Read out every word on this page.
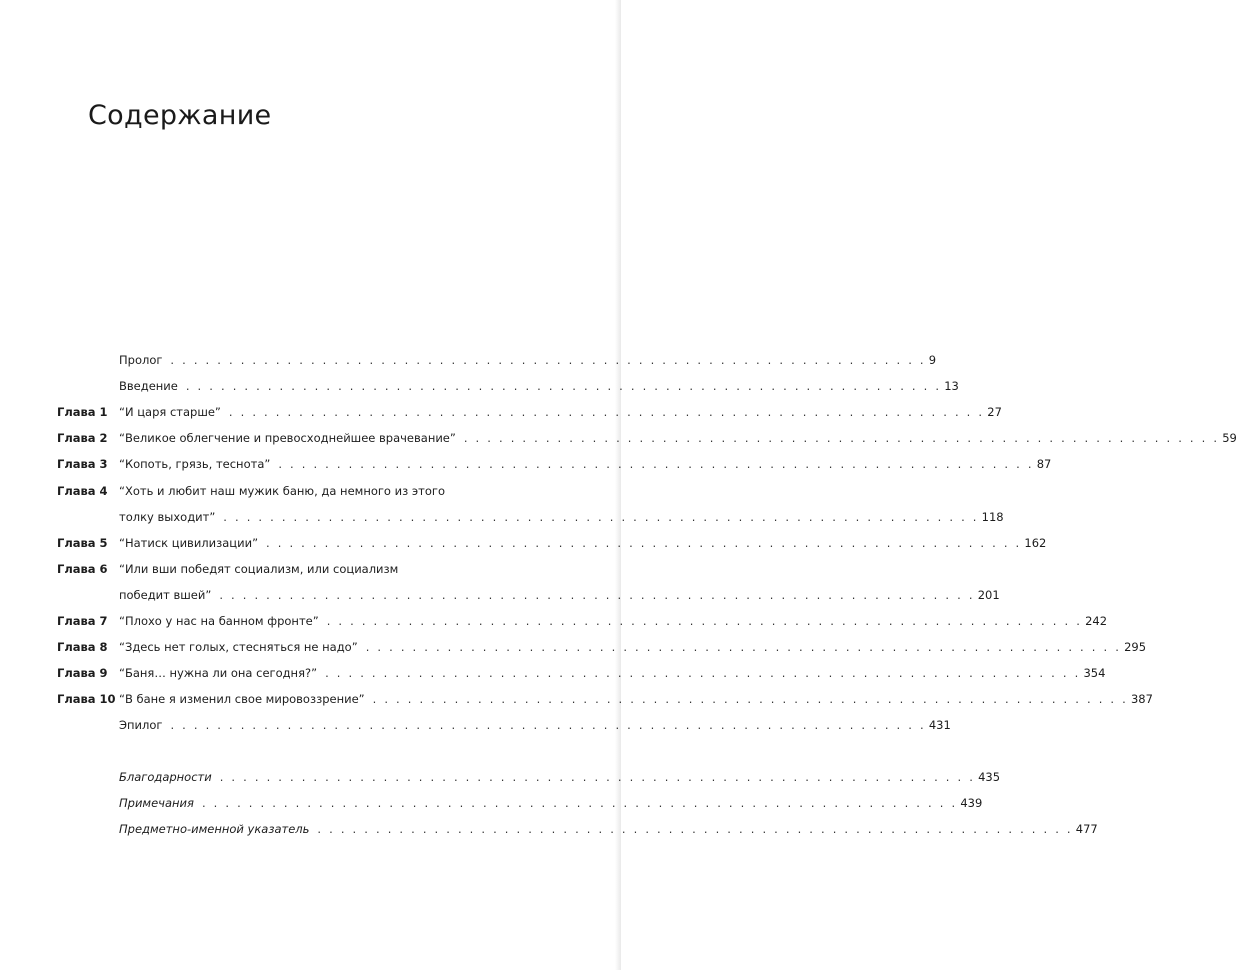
Содержание
Пролог . . . . . . . . . . . . . . . . . . . . . . . . . . . . . . . . . . . . . . . . . . . . . . . . . . . . . . . . . . . . . . . . . 9
Введение . . . . . . . . . . . . . . . . . . . . . . . . . . . . . . . . . . . . . . . . . . . . . . . . . . . . . . . . . . . . . . . . . 13
Глава 1 “И царя старше” . . . . . . . . . . . . . . . . . . . . . . . . . . . . . . . . . . . . . . . . . . . . . . . . . . . . . . . . . . . . . . . . . 27
Глава 2 “Великое облегчение и превосходнейшее врачевание” . . . . . . . . . . . . . . . . . . . . . . . . . . . . . . . . . . . . . . . . . . . . . . . . . . . . . . . . . . . . . . . . . 59
Глава 3 “Копоть, грязь, теснота” . . . . . . . . . . . . . . . . . . . . . . . . . . . . . . . . . . . . . . . . . . . . . . . . . . . . . . . . . . . . . . . . . 87
Глава 4 “Хоть и любит наш мужик баню, да немного из этого
толку выходит” . . . . . . . . . . . . . . . . . . . . . . . . . . . . . . . . . . . . . . . . . . . . . . . . . . . . . . . . . . . . . . . . . 118
Глава 5 “Натиск цивилизации” . . . . . . . . . . . . . . . . . . . . . . . . . . . . . . . . . . . . . . . . . . . . . . . . . . . . . . . . . . . . . . . . . 162
Глава 6 “Или вши победят социализм, или социализм
победит вшей” . . . . . . . . . . . . . . . . . . . . . . . . . . . . . . . . . . . . . . . . . . . . . . . . . . . . . . . . . . . . . . . . . 201
Глава 7 “Плохо у нас на банном фронте” . . . . . . . . . . . . . . . . . . . . . . . . . . . . . . . . . . . . . . . . . . . . . . . . . . . . . . . . . . . . . . . . . 242
Глава 8 “Здесь нет голых, стесняться не надо” . . . . . . . . . . . . . . . . . . . . . . . . . . . . . . . . . . . . . . . . . . . . . . . . . . . . . . . . . . . . . . . . . 295
Глава 9 “Баня… нужна ли она сегодня?” . . . . . . . . . . . . . . . . . . . . . . . . . . . . . . . . . . . . . . . . . . . . . . . . . . . . . . . . . . . . . . . . . 354
Глава 10 “В бане я изменил свое мировоззрение” . . . . . . . . . . . . . . . . . . . . . . . . . . . . . . . . . . . . . . . . . . . . . . . . . . . . . . . . . . . . . . . . . 387
Эпилог . . . . . . . . . . . . . . . . . . . . . . . . . . . . . . . . . . . . . . . . . . . . . . . . . . . . . . . . . . . . . . . . . 431
Благодарности . . . . . . . . . . . . . . . . . . . . . . . . . . . . . . . . . . . . . . . . . . . . . . . . . . . . . . . . . . . . . . . . . 435
Примечания . . . . . . . . . . . . . . . . . . . . . . . . . . . . . . . . . . . . . . . . . . . . . . . . . . . . . . . . . . . . . . . . . 439
Предметно-именной указатель . . . . . . . . . . . . . . . . . . . . . . . . . . . . . . . . . . . . . . . . . . . . . . . . . . . . . . . . . . . . . . . . . 477
